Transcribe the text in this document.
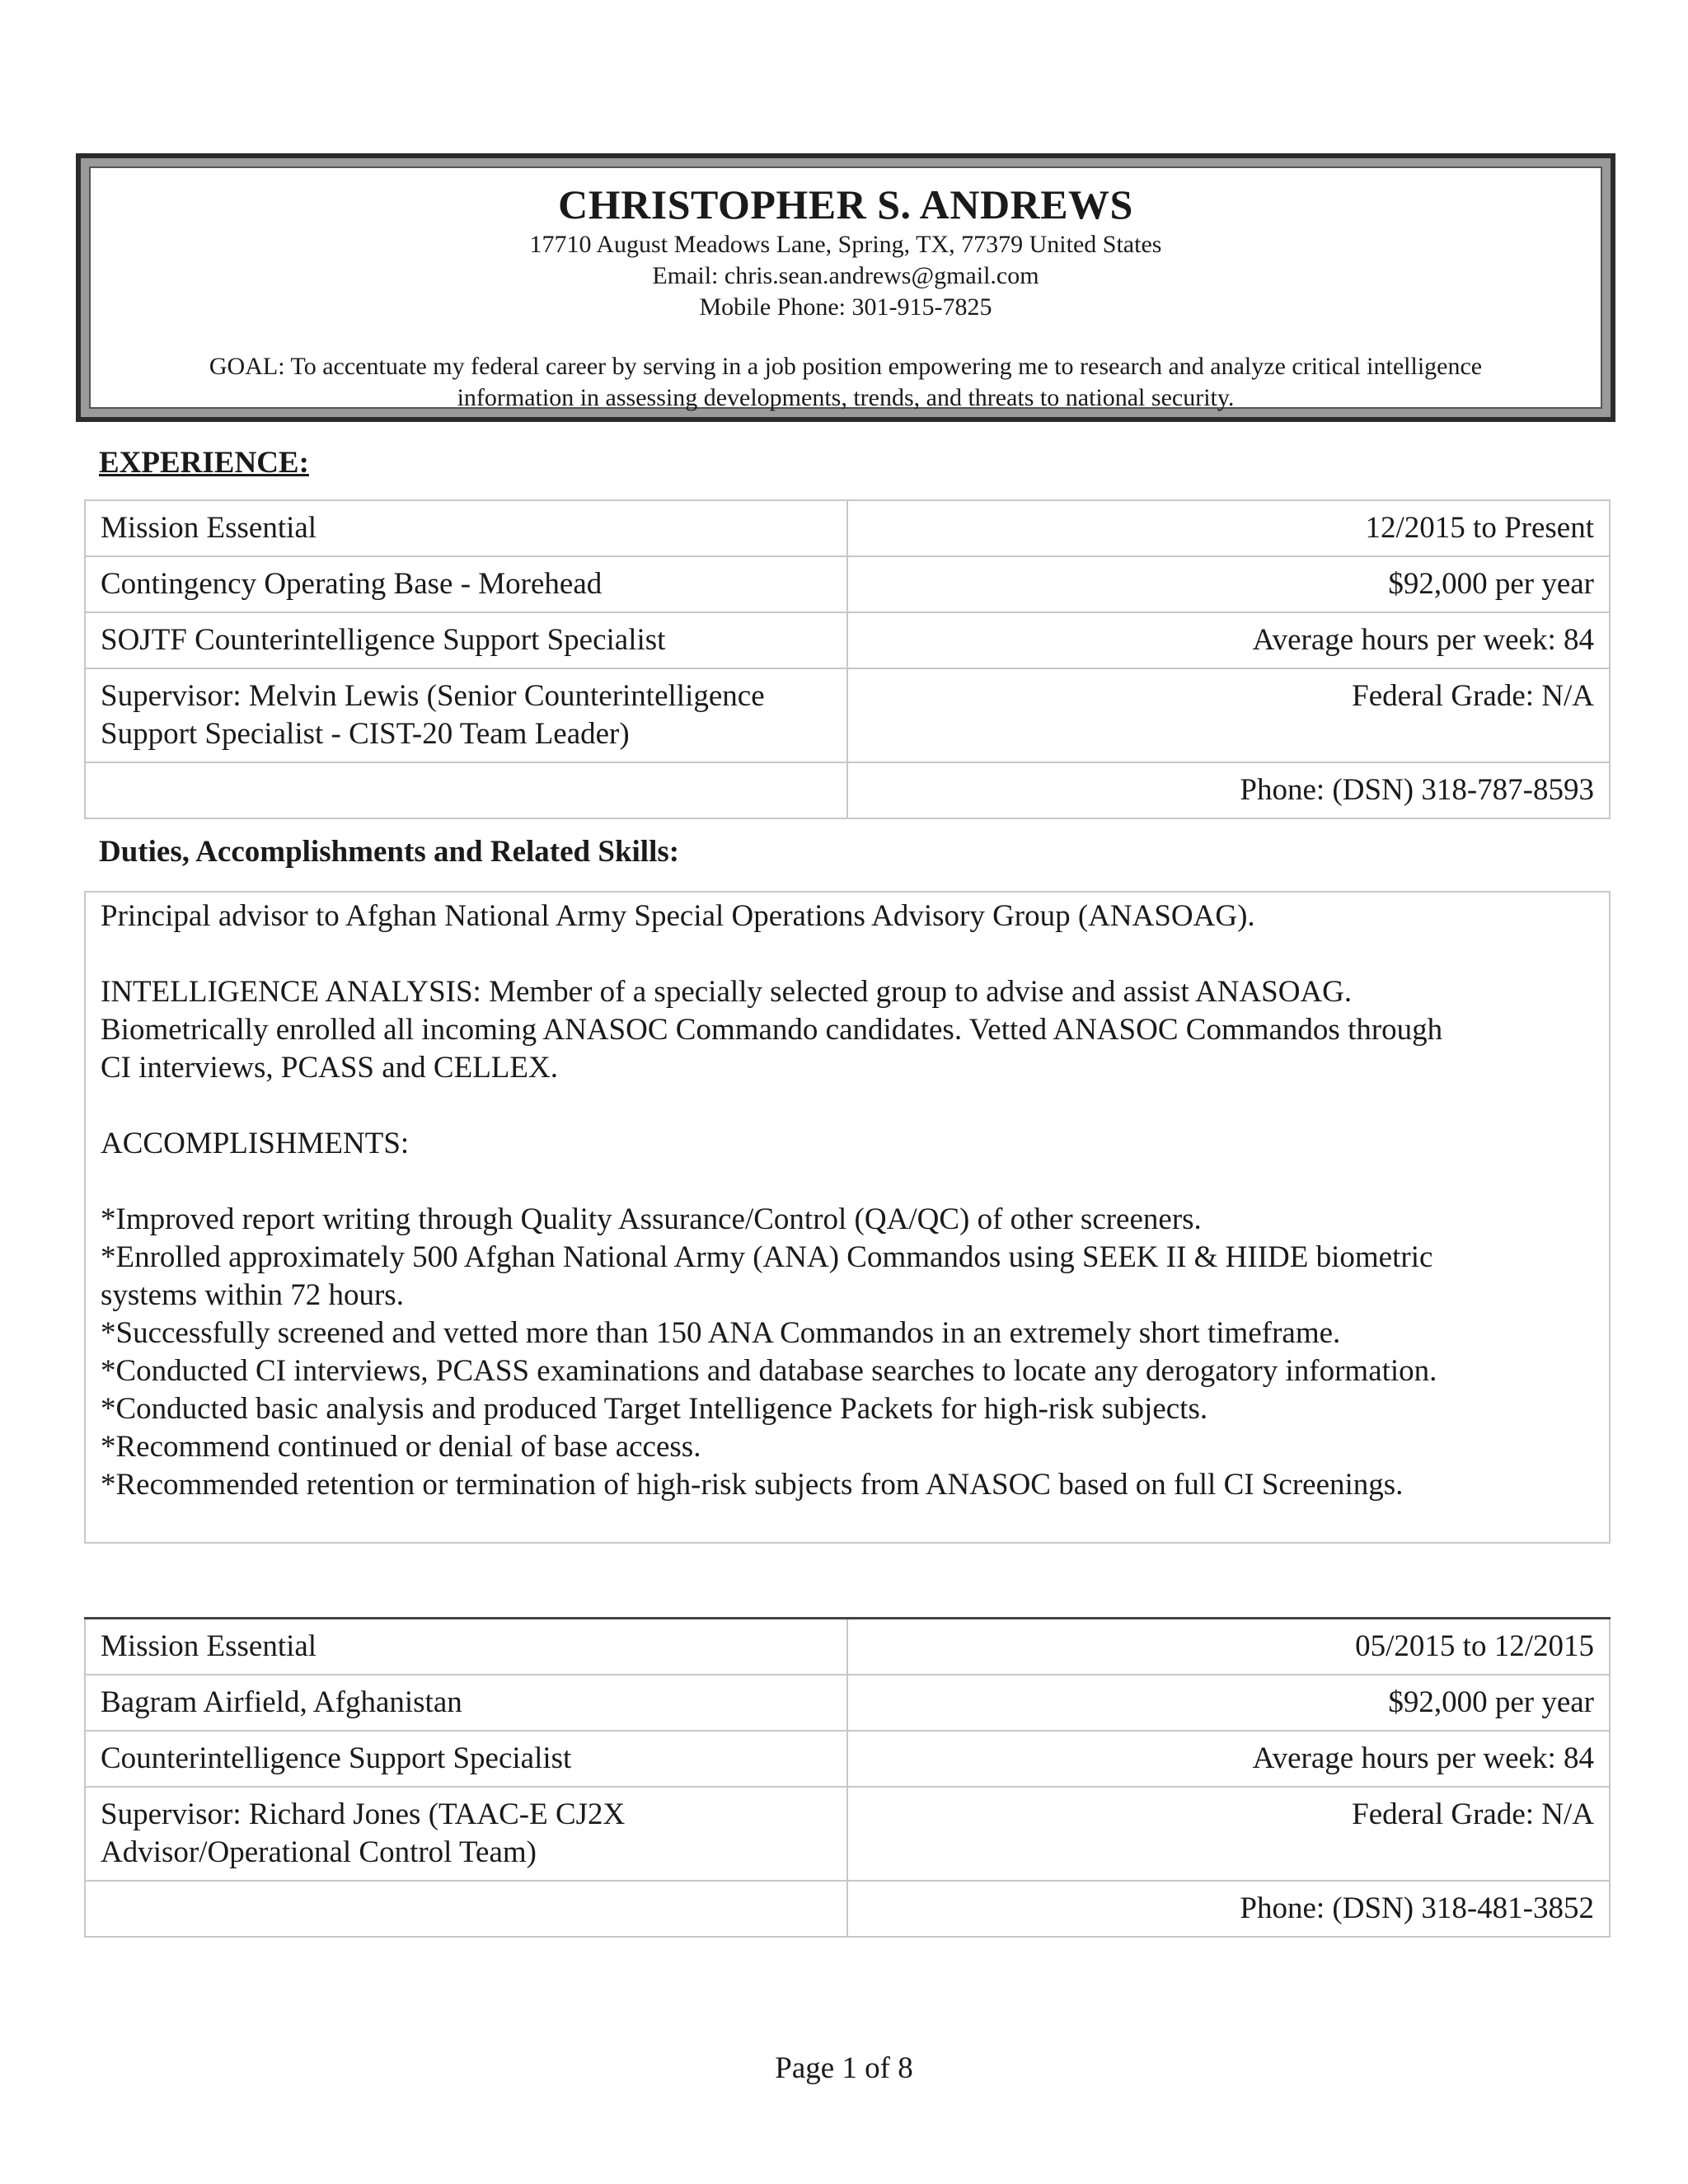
CHRISTOPHER S. ANDREWS
17710 August Meadows Lane, Spring, TX, 77379 United States
Email: chris.sean.andrews@gmail.com
Mobile Phone: 301-915-7825
GOAL: To accentuate my federal career by serving in a job position empowering me to research and analyze critical intelligence
information in assessing developments, trends, and threats to national security.
EXPERIENCE:
Mission Essential	12/2015 to Present
Contingency Operating Base - Morehead	$92,000 per year
SOJTF Counterintelligence Support Specialist	Average hours per week: 84

Supervisor: Melvin Lewis (Senior Counterintelligence
Support Specialist - CIST-20 Team Leader)	Federal Grade: N/A
	Phone: (DSN) 318-787-8593
Duties, Accomplishments and Related Skills:

Principal advisor to Afghan National Army Special Operations Advisory Group (ANASOAG).

INTELLIGENCE ANALYSIS: Member of a specially selected group to advise and assist ANASOAG.

Biometrically enrolled all incoming ANASOC Commando candidates. Vetted ANASOC Commandos through

CI interviews, PCASS and CELLEX.

ACCOMPLISHMENTS:

*Improved report writing through Quality Assurance/Control (QA/QC) of other screeners.

*Enrolled approximately 500 Afghan National Army (ANA) Commandos using SEEK II & HIIDE biometric

systems within 72 hours.

*Successfully screened and vetted more than 150 ANA Commandos in an extremely short timeframe.

*Conducted CI interviews, PCASS examinations and database searches to locate any derogatory information.

*Conducted basic analysis and produced Target Intelligence Packets for high-risk subjects.

*Recommend continued or denial of base access.

*Recommended retention or termination of high-risk subjects from ANASOC based on full CI Screenings.

Mission Essential	05/2015 to 12/2015
Bagram Airfield, Afghanistan	$92,000 per year
Counterintelligence Support Specialist	Average hours per week: 84

Supervisor: Richard Jones (TAAC-E CJ2X
Advisor/Operational Control Team)	Federal Grade: N/A
	Phone: (DSN) 318-481-3852
Page 1 of 8
